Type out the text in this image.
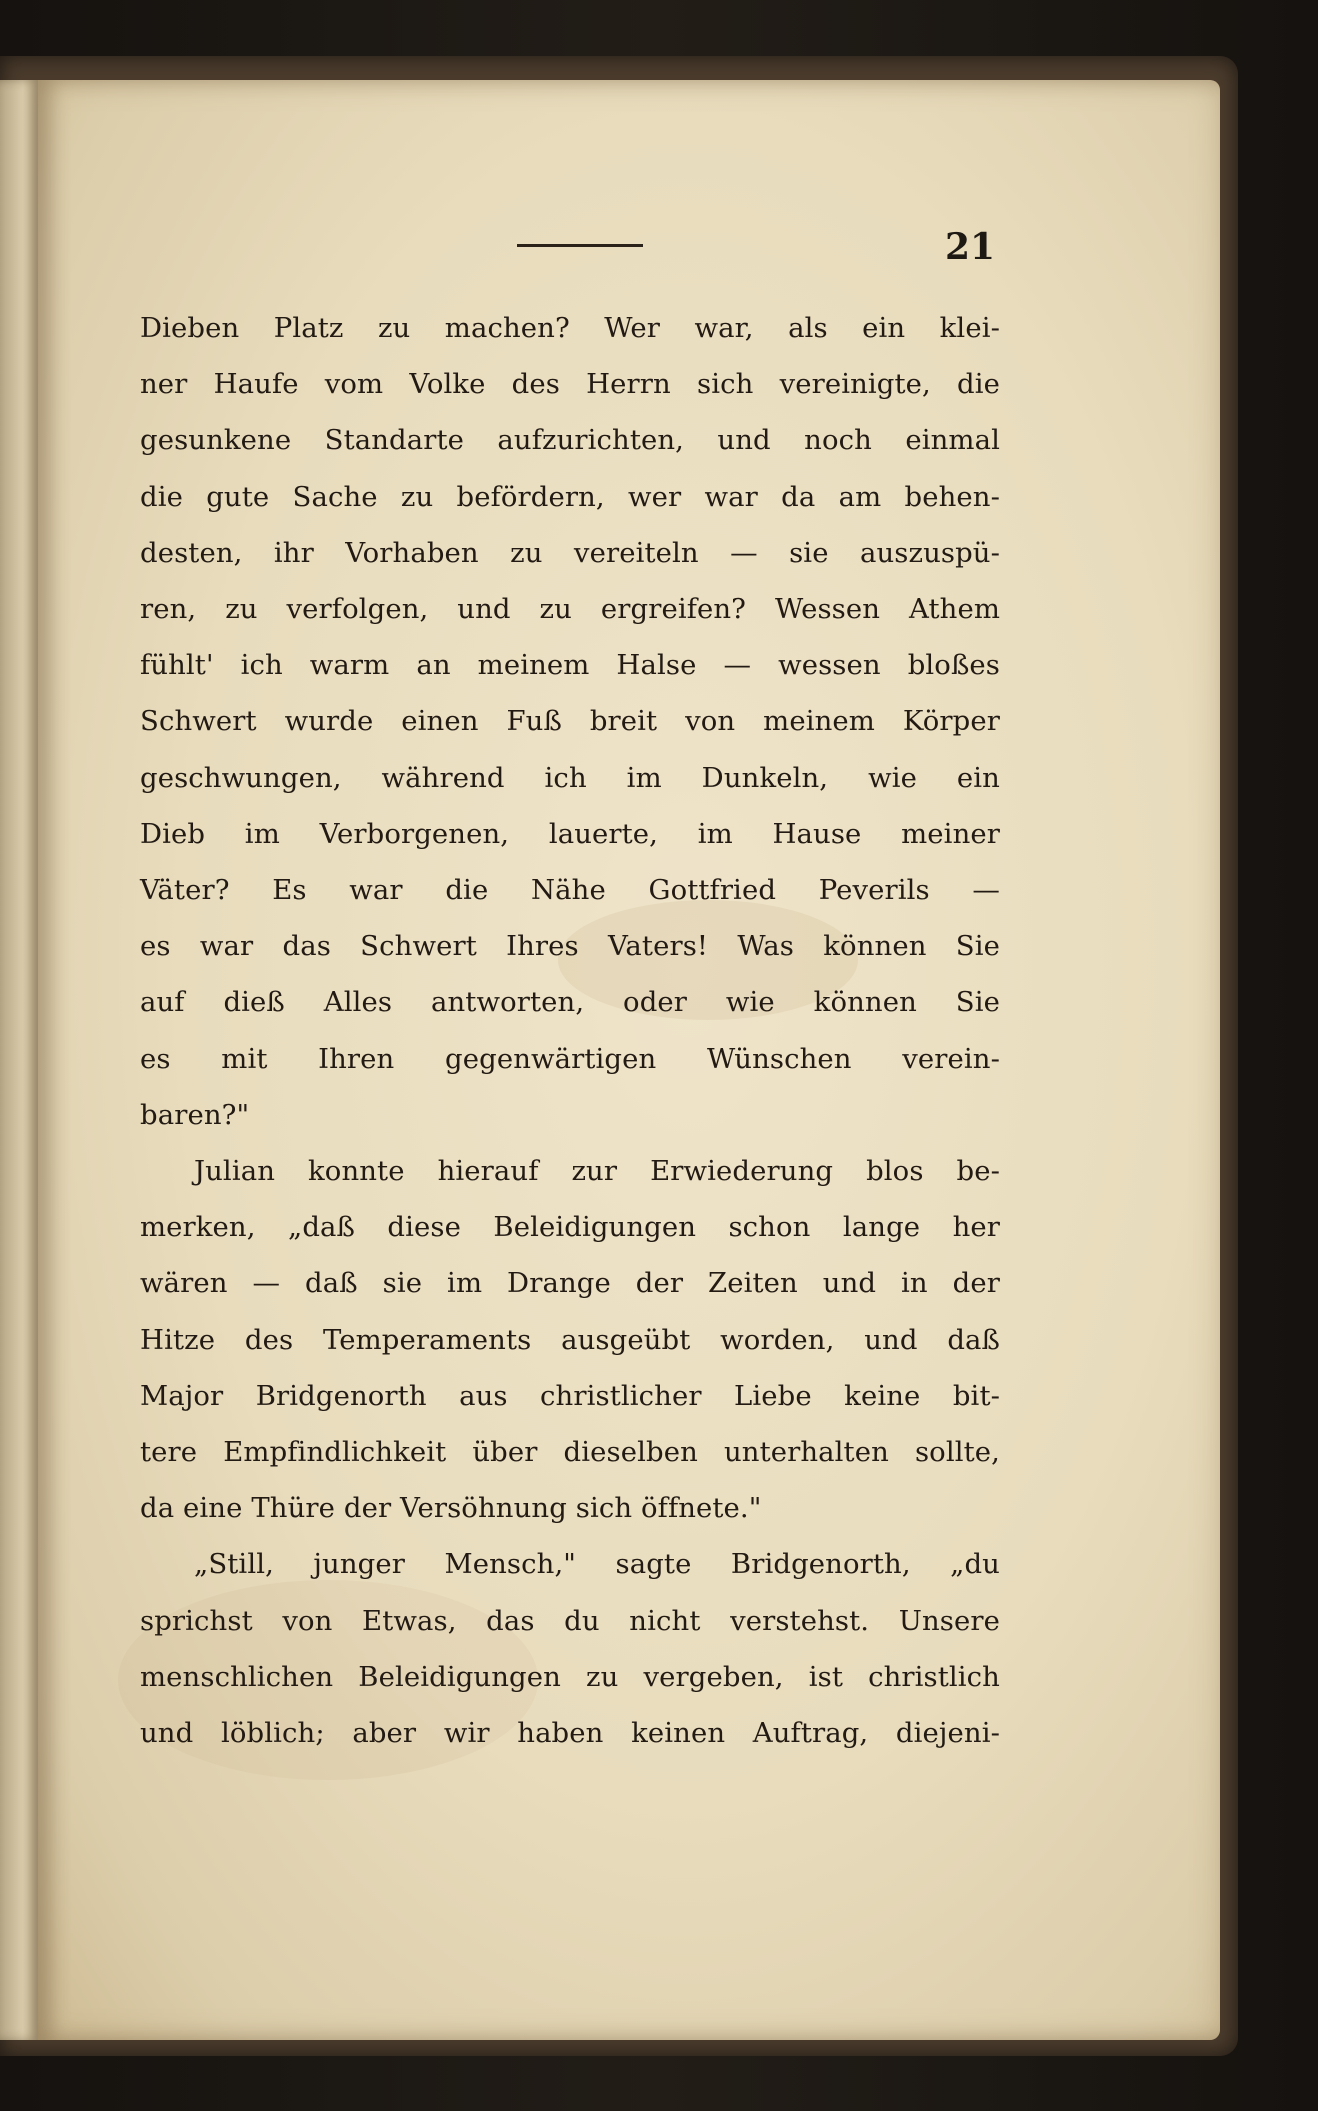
21
Dieben Platz zu machen? Wer war, als ein klei-
ner Haufe vom Volke des Herrn sich vereinigte, die
gesunkene Standarte aufzurichten, und noch einmal
die gute Sache zu befördern, wer war da am behen-
desten, ihr Vorhaben zu vereiteln — sie auszuspü-
ren, zu verfolgen, und zu ergreifen? Wessen Athem
fühlt' ich warm an meinem Halse — wessen bloßes
Schwert wurde einen Fuß breit von meinem Körper
geschwungen, während ich im Dunkeln, wie ein
Dieb im Verborgenen, lauerte, im Hause meiner
Väter? Es war die Nähe Gottfried Peverils —
es war das Schwert Ihres Vaters! Was können Sie
auf dieß Alles antworten, oder wie können Sie
es mit Ihren gegenwärtigen Wünschen verein-
baren?"
Julian konnte hierauf zur Erwiederung blos be-
merken, „daß diese Beleidigungen schon lange her
wären — daß sie im Drange der Zeiten und in der
Hitze des Temperaments ausgeübt worden, und daß
Major Bridgenorth aus christlicher Liebe keine bit-
tere Empfindlichkeit über dieselben unterhalten sollte,
da eine Thüre der Versöhnung sich öffnete."
„Still, junger Mensch," sagte Bridgenorth, „du
sprichst von Etwas, das du nicht verstehst. Unsere
menschlichen Beleidigungen zu vergeben, ist christlich
und löblich; aber wir haben keinen Auftrag, diejeni-
